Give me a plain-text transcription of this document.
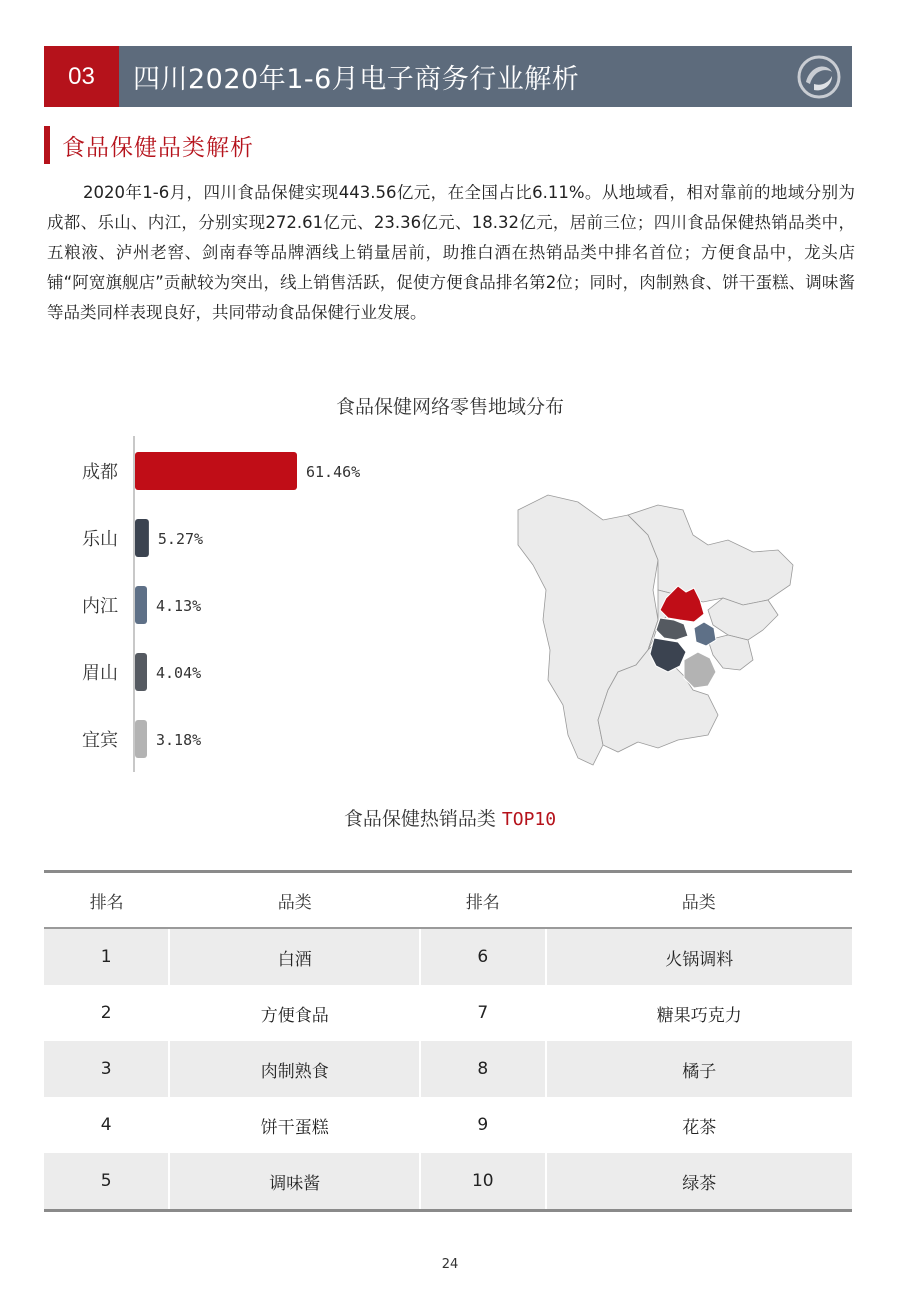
03	四川2020年1-6月电子商务行业解析
食品保健品类解析

2020年1-6月，四川食品保健实现443.56亿元，在全国占比6.11%。从地域看，相对靠前的地域分别为成都、乐山、内江，分别实现272.61亿元、23.36亿元、18.32亿元，居前三位；四川食品保健热销品类中，五粮液、泸州老窖、剑南春等品牌酒线上销量居前，助推白酒在热销品类中排名首位；方便食品中，龙头店铺“阿宽旗舰店”贡献较为突出，线上销售活跃，促使方便食品排名第2位；同时，肉制熟食、饼干蛋糕、调味酱等品类同样表现良好，共同带动食品保健行业发展。

食品保健网络零售地域分布
成都	61.46%
乐山	5.27%
内江	4.13%
眉山	4.04%
宜宾	3.18%
食品保健热销品类 TOP10
排名	品类	排名	品类
1	白酒	6	火锅调料
2	方便食品	7	糖果巧克力
3	肉制熟食	8	橘子
4	饼干蛋糕	9	花茶
5	调味酱	10	绿茶
24
